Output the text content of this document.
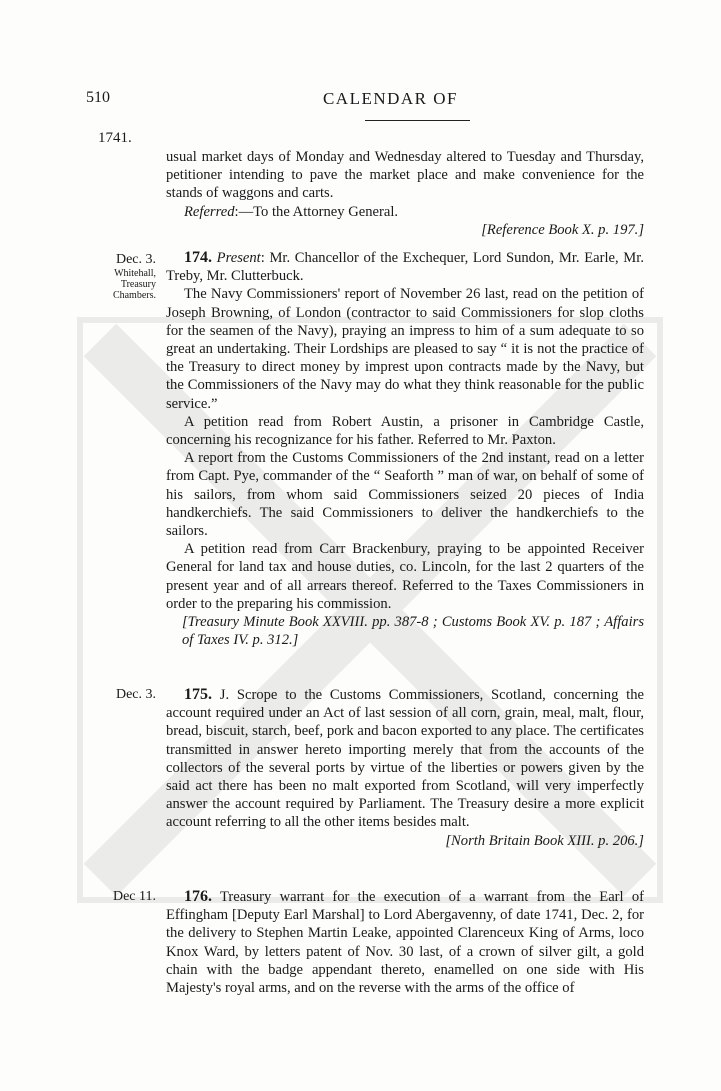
510	CALENDAR OF
1741.

usual market days of Monday and Wednesday altered to Tuesday and Thursday, petitioner intending to pave the market place and make convenience for the stands of waggons and carts.

Referred:—To the Attorney General.

[Reference Book X. p. 197.]

Dec. 3.
Whitehall,
Treasury
Chambers.

174. Present: Mr. Chancellor of the Exchequer, Lord Sundon, Mr. Earle, Mr. Treby, Mr. Clutterbuck.

The Navy Commissioners' report of November 26 last, read on the petition of Joseph Browning, of London (contractor to said Commissioners for slop cloths for the seamen of the Navy), praying an impress to him of a sum adequate to so great an undertaking. Their Lordships are pleased to say “ it is not the practice of the Treasury to direct money by imprest upon contracts made by the Navy, but the Commissioners of the Navy may do what they think reasonable for the public service.”

A petition read from Robert Austin, a prisoner in Cambridge Castle, concerning his recognizance for his father. Referred to Mr. Paxton.

A report from the Customs Commissioners of the 2nd instant, read on a letter from Capt. Pye, commander of the “ Seaforth ” man of war, on behalf of some of his sailors, from whom said Commissioners seized 20 pieces of India handkerchiefs. The said Commissioners to deliver the handkerchiefs to the sailors.

A petition read from Carr Brackenbury, praying to be appointed Receiver General for land tax and house duties, co. Lincoln, for the last 2 quarters of the present year and of all arrears thereof. Referred to the Taxes Commissioners in order to the preparing his commission.

[Treasury Minute Book XXVIII. pp. 387-8 ; Customs Book XV. p. 187 ; Affairs of Taxes IV. p. 312.]

Dec. 3.	175. J. Scrope to the Customs Commissioners, Scotland, concerning the account required under an Act of last session of all corn, grain, meal, malt, flour, bread, biscuit, starch, beef, pork and bacon exported to any place. The certificates transmitted in answer hereto importing merely that from the accounts of the collectors of the several ports by virtue of the liberties or powers given by the said act there has been no malt exported from Scotland, will very imperfectly answer the account required by Parliament. The Treasury desire a more explicit account referring to all the other items besides malt.

[North Britain Book XIII. p. 206.]

Dec 11.	176. Treasury warrant for the execution of a warrant from the Earl of Effingham [Deputy Earl Marshal] to Lord Abergavenny, of date 1741, Dec. 2, for the delivery to Stephen Martin Leake, appointed Clarenceux King of Arms, loco Knox Ward, by letters patent of Nov. 30 last, of a crown of silver gilt, a gold chain with the badge appendant thereto, enamelled on one side with His Majesty's royal arms, and on the reverse with the arms of the office of
